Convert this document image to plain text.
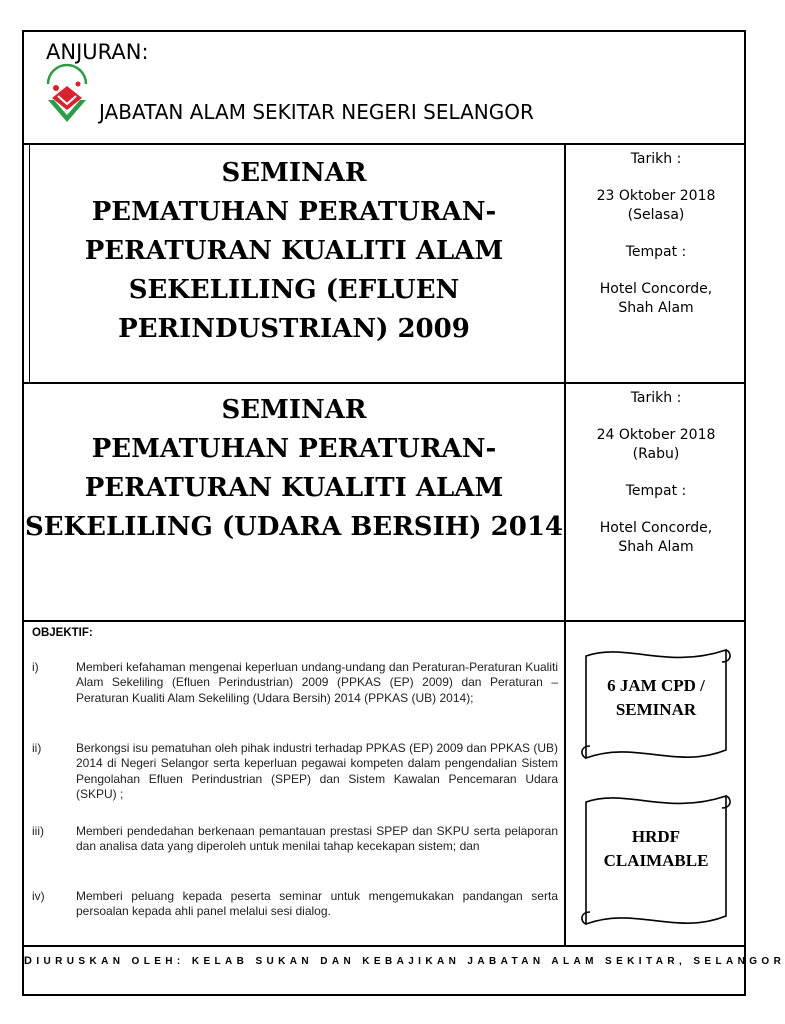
ANJURAN:
JABATAN ALAM SEKITAR NEGERI SELANGOR
SEMINAR
PEMATUHAN PERATURAN-
PERATURAN KUALITI ALAM
SEKELILING (EFLUEN
PERINDUSTRIAN) 2009
Tarikh :
23 Oktober 2018
(Selasa)
Tempat :
Hotel Concorde,
Shah Alam
SEMINAR
PEMATUHAN PERATURAN-
PERATURAN KUALITI ALAM
SEKELILING (UDARA BERSIH) 2014
Tarikh :
24 Oktober 2018
(Rabu)
Tempat :
Hotel Concorde,
Shah Alam
OBJEKTIF:
i)	Memberi kefahaman mengenai keperluan undang-undang dan Peraturan-Peraturan Kualiti Alam Sekeliling (Efluen Perindustrian) 2009 (PPKAS (EP) 2009) dan Peraturan – Peraturan Kualiti Alam Sekeliling (Udara Bersih) 2014 (PPKAS (UB) 2014);
ii)	Berkongsi isu pematuhan oleh pihak industri terhadap PPKAS (EP) 2009 dan PPKAS (UB) 2014 di Negeri Selangor serta keperluan pegawai kompeten dalam pengendalian Sistem Pengolahan Efluen Perindustrian (SPEP) dan Sistem Kawalan Pencemaran Udara (SKPU) ;
iii)	Memberi pendedahan berkenaan pemantauan prestasi SPEP dan SKPU serta pelaporan dan analisa data yang diperoleh untuk menilai tahap kecekapan sistem; dan
iv)	Memberi peluang kepada peserta seminar untuk mengemukakan pandangan serta persoalan kepada ahli panel melalui sesi dialog.
6 JAM CPD /
SEMINAR
HRDF
CLAIMABLE
DIURUSKAN OLEH: KELAB SUKAN DAN KEBAJIKAN JABATAN ALAM SEKITAR, SELANGOR
